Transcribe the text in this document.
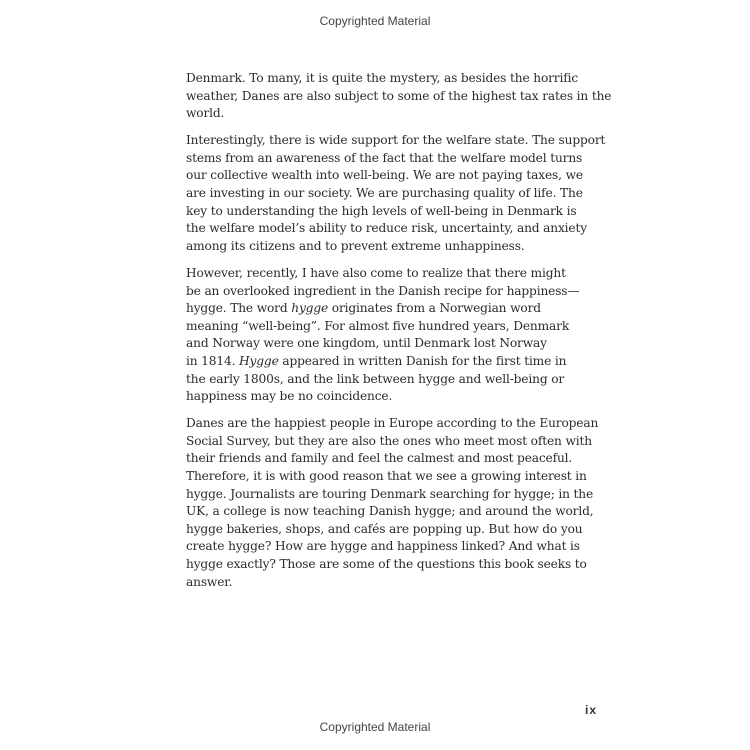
Copyrighted Material
Denmark. To many, it is quite the mystery, as besides the horrific
weather, Danes are also subject to some of the highest tax rates in the
world.
Interestingly, there is wide support for the welfare state. The support
stems from an awareness of the fact that the welfare model turns
our collective wealth into well-being. We are not paying taxes, we
are investing in our society. We are purchasing quality of life. The
key to understanding the high levels of well-being in Denmark is
the welfare model’s ability to reduce risk, uncertainty, and anxiety
among its citizens and to prevent extreme unhappiness.
However, recently, I have also come to realize that there might
be an overlooked ingredient in the Danish recipe for happiness—
hygge. The word hygge originates from a Norwegian word
meaning “well-being”. For almost five hundred years, Denmark
and Norway were one kingdom, until Denmark lost Norway
in 1814. Hygge appeared in written Danish for the first time in
the early 1800s, and the link between hygge and well-being or
happiness may be no coincidence.
Danes are the happiest people in Europe according to the European
Social Survey, but they are also the ones who meet most often with
their friends and family and feel the calmest and most peaceful.
Therefore, it is with good reason that we see a growing interest in
hygge. Journalists are touring Denmark searching for hygge; in the
UK, a college is now teaching Danish hygge; and around the world,
hygge bakeries, shops, and cafés are popping up. But how do you
create hygge? How are hygge and happiness linked? And what is
hygge exactly? Those are some of the questions this book seeks to
answer.
ix
Copyrighted Material
